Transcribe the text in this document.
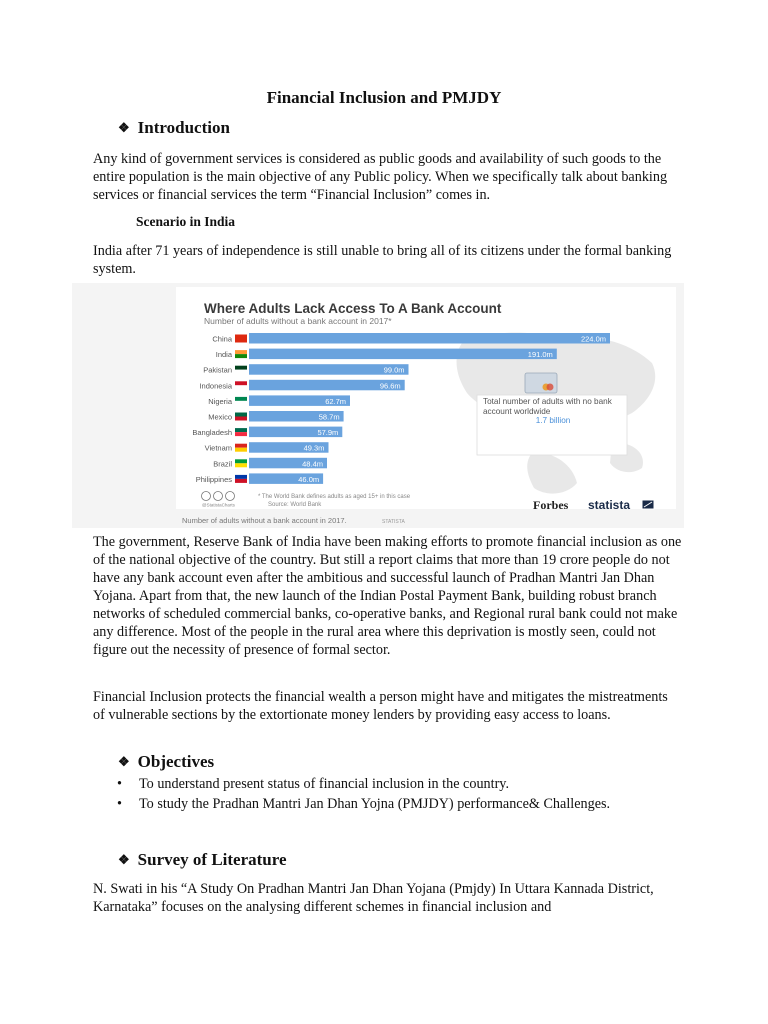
Financial Inclusion and PMJDY
❖ Introduction
Any kind of government services is considered as public goods and availability of such goods to the entire population is the main objective of any Public policy. When we specifically talk about banking services or financial services the term “Financial Inclusion” comes in.
Scenario in India
India after 71 years of independence is still unable to bring all of its citizens under the formal banking system.
Where Adults Lack Access To A Bank Account
Number of adults without a bank account in 2017*
China	224.0m
India	191.0m
Pakistan	99.0m
Indonesia	96.6m
Nigeria	62.7m
Mexico	58.7m
Bangladesh	57.9m
Vietnam	49.3m
Brazil	48.4m
Philippines	46.0m
Total number of adults with no bank account worldwide
1.7 billion
@StatistaCharts
* The World Bank defines adults as aged 15+ in this case
Source: World Bank	Forbes statista
Number of adults without a bank account in 2017.	STATISTA
The government, Reserve Bank of India have been making efforts to promote financial inclusion as one of the national objective of the country. But still a report claims that more than 19 crore people do not have any bank account even after the ambitious and successful launch of Pradhan Mantri Jan Dhan Yojana. Apart from that, the new launch of the Indian Postal Payment Bank, building robust branch networks of scheduled commercial banks, co-operative banks, and Regional rural bank could not make any difference. Most of the people in the rural area where this deprivation is mostly seen, could not figure out the necessity of presence of formal sector.
Financial Inclusion protects the financial wealth a person might have and mitigates the mistreatments of vulnerable sections by the extortionate money lenders by providing easy access to loans.
❖ Objectives
• To understand present status of financial inclusion in the country.
• To study the Pradhan Mantri Jan Dhan Yojna (PMJDY) performance& Challenges.
❖ Survey of Literature
N. Swati in his “A Study On Pradhan Mantri Jan Dhan Yojana (Pmjdy) In Uttara Kannada District, Karnataka” focuses on the analysing different schemes in financial inclusion and
